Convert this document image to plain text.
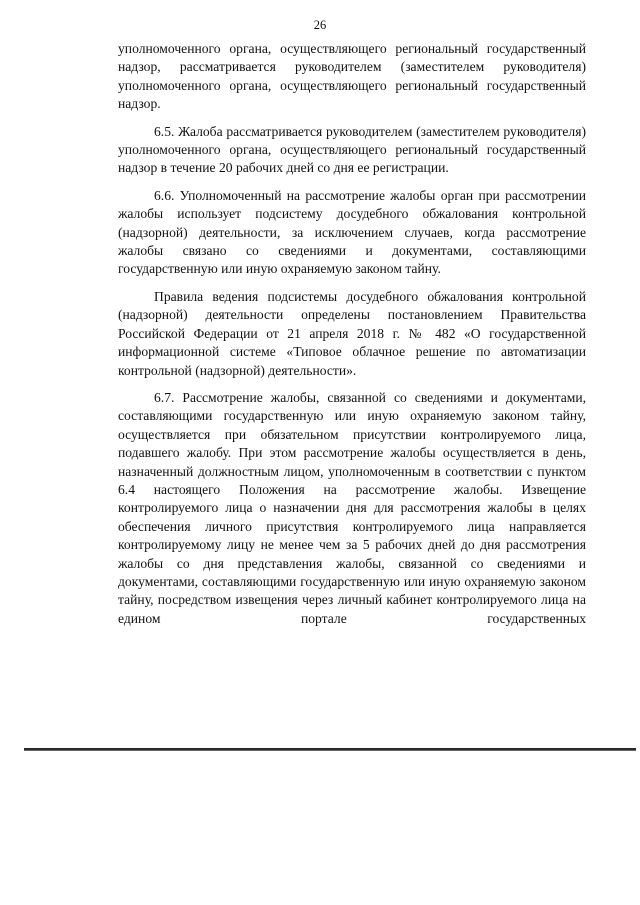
26

уполномоченного органа, осуществляющего региональный государственный надзор, рассматривается руководителем (заместителем руководителя) уполномоченного органа, осуществляющего региональный государственный надзор.

6.5. Жалоба рассматривается руководителем (заместителем руководителя) уполномоченного органа, осуществляющего региональный государственный надзор в течение 20 рабочих дней со дня ее регистрации.

6.6. Уполномоченный на рассмотрение жалобы орган при рассмотрении жалобы использует подсистему досудебного обжалования контрольной (надзорной) деятельности, за исключением случаев, когда рассмотрение жалобы связано со сведениями и документами, составляющими государственную или иную охраняемую законом тайну.

Правила ведения подсистемы досудебного обжалования контрольной (надзорной) деятельности определены постановлением Правительства Российской Федерации от 21 апреля 2018 г. № 482 «О государственной информационной системе «Типовое облачное решение по автоматизации контрольной (надзорной) деятельности».

6.7. Рассмотрение жалобы, связанной со сведениями и документами, составляющими государственную или иную охраняемую законом тайну, осуществляется при обязательном присутствии контролируемого лица, подавшего жалобу. При этом рассмотрение жалобы осуществляется в день, назначенный должностным лицом, уполномоченным в соответствии с пунктом 6.4 настоящего Положения на рассмотрение жалобы. Извещение контролируемого лица о назначении дня для рассмотрения жалобы в целях обеспечения личного присутствия контролируемого лица направляется контролируемому лицу не менее чем за 5 рабочих дней до дня рассмотрения жалобы со дня представления жалобы, связанной со сведениями и документами, составляющими государственную или иную охраняемую законом тайну, посредством извещения через личный кабинет контролируемого лица на едином портале государственных
